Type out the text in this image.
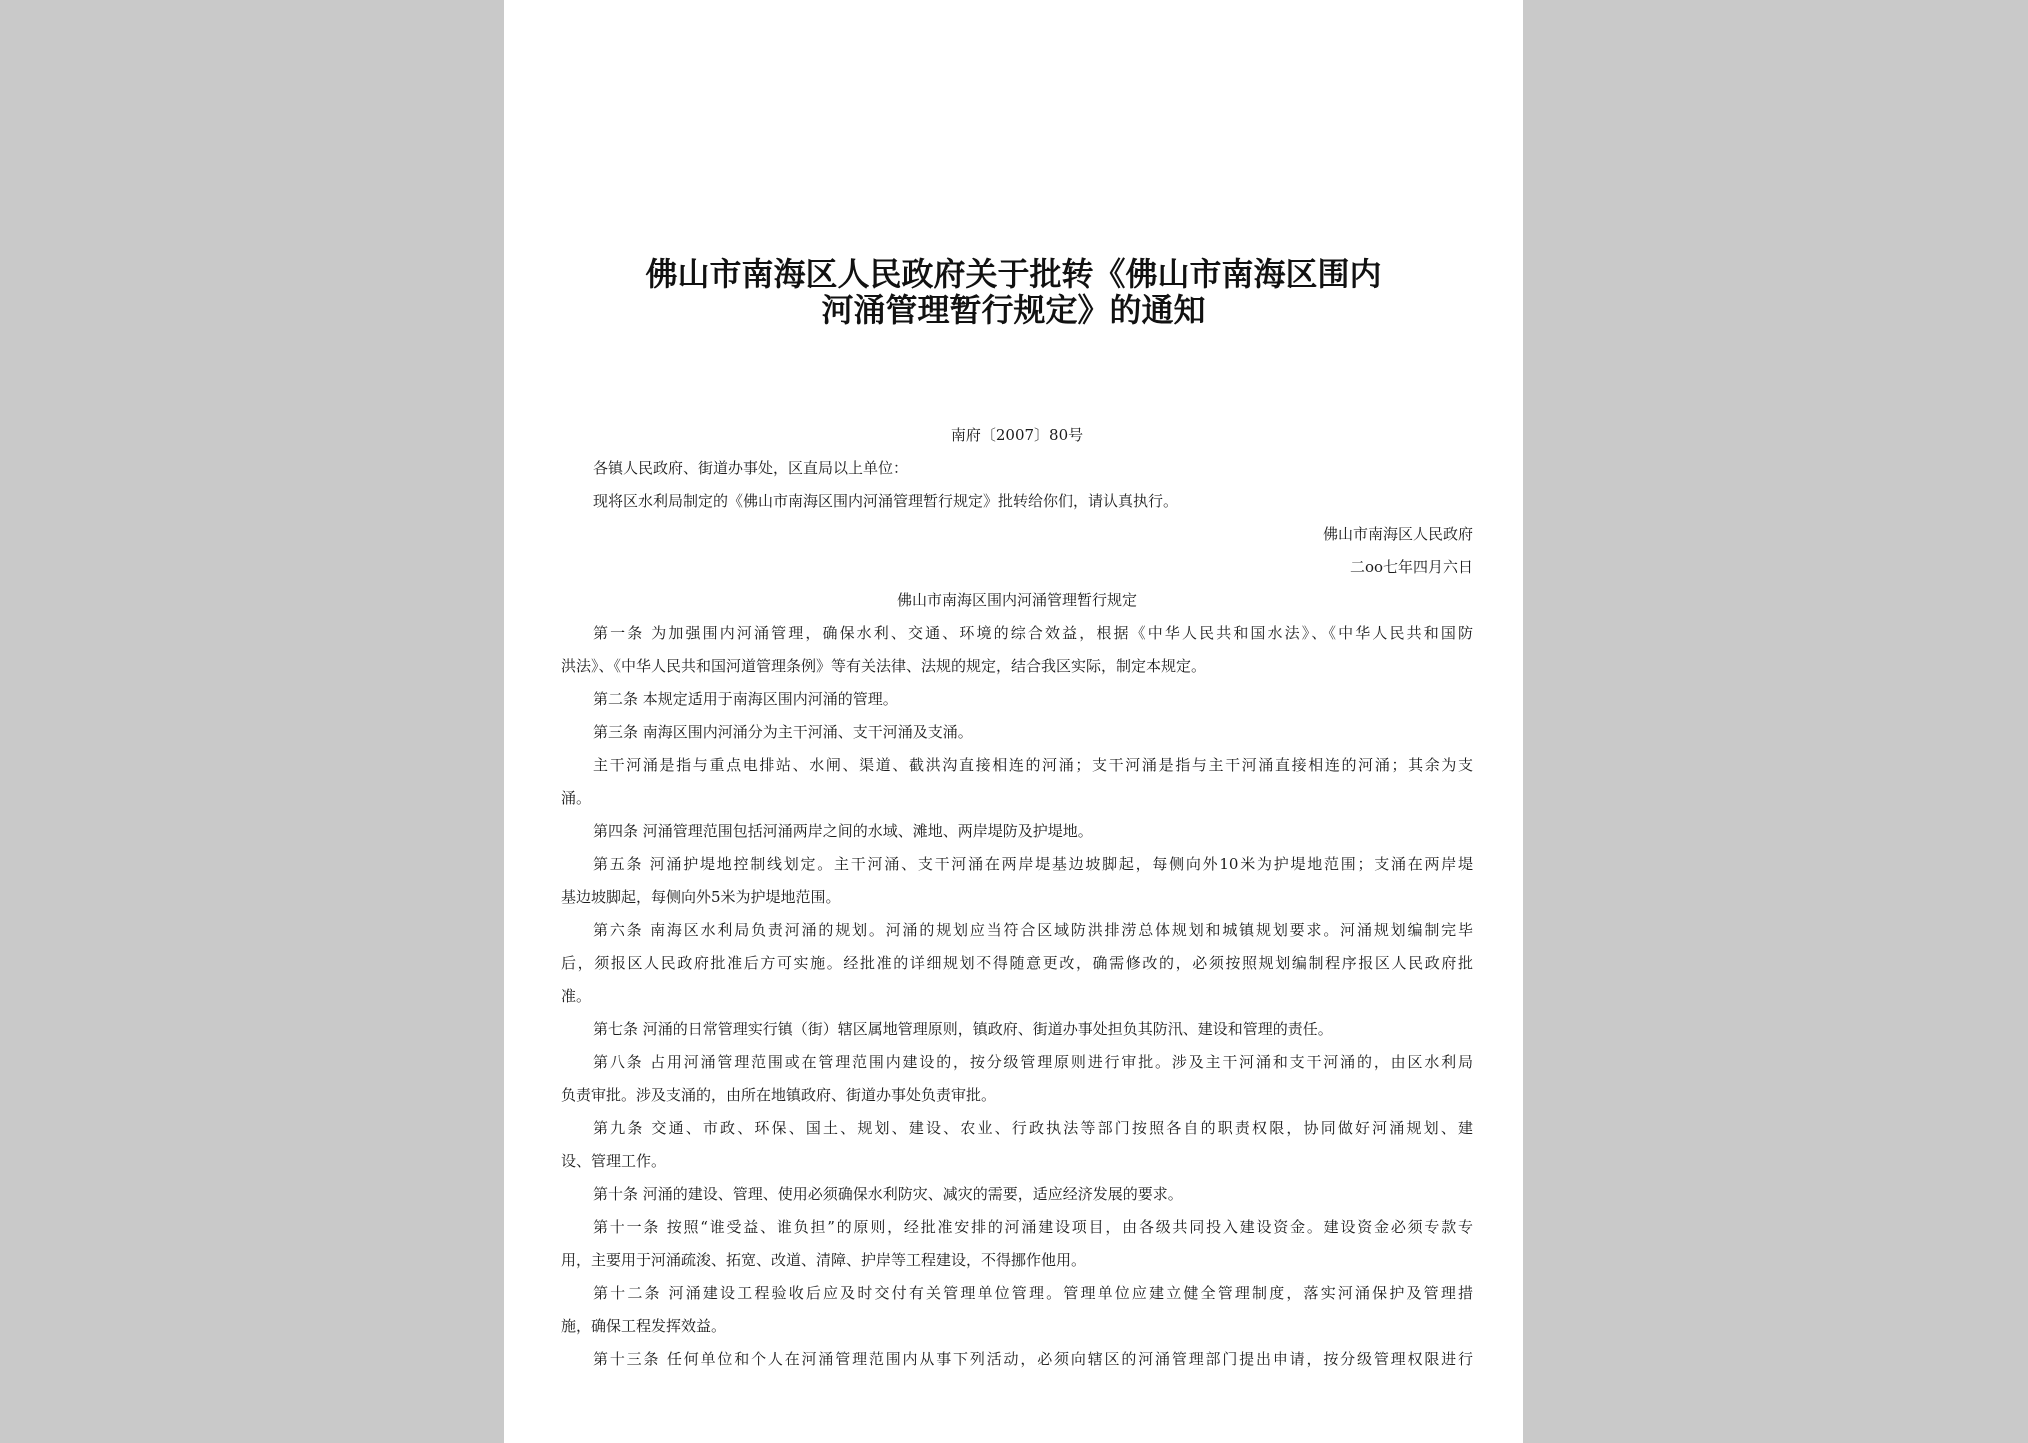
佛山市南海区人民政府关于批转《佛山市南海区围内
河涌管理暂行规定》的通知
南府〔2007〕80号
各镇人民政府、街道办事处，区直局以上单位：
现将区水利局制定的《佛山市南海区围内河涌管理暂行规定》批转给你们，请认真执行。
佛山市南海区人民政府
二oo七年四月六日
佛山市南海区围内河涌管理暂行规定
第一条 为加强围内河涌管理，确保水利、交通、环境的综合效益，根据《中华人民共和国水法》、《中华人民共和国防
洪法》、《中华人民共和国河道管理条例》等有关法律、法规的规定，结合我区实际，制定本规定。
第二条 本规定适用于南海区围内河涌的管理。
第三条 南海区围内河涌分为主干河涌、支干河涌及支涌。
主干河涌是指与重点电排站、水闸、渠道、截洪沟直接相连的河涌；支干河涌是指与主干河涌直接相连的河涌；其余为支
涌。
第四条 河涌管理范围包括河涌两岸之间的水域、滩地、两岸堤防及护堤地。
第五条 河涌护堤地控制线划定。主干河涌、支干河涌在两岸堤基边坡脚起，每侧向外10米为护堤地范围；支涌在两岸堤
基边坡脚起，每侧向外5米为护堤地范围。
第六条 南海区水利局负责河涌的规划。河涌的规划应当符合区域防洪排涝总体规划和城镇规划要求。河涌规划编制完毕
后，须报区人民政府批准后方可实施。经批准的详细规划不得随意更改，确需修改的，必须按照规划编制程序报区人民政府批
准。
第七条 河涌的日常管理实行镇（街）辖区属地管理原则，镇政府、街道办事处担负其防汛、建设和管理的责任。
第八条 占用河涌管理范围或在管理范围内建设的，按分级管理原则进行审批。涉及主干河涌和支干河涌的，由区水利局
负责审批。涉及支涌的，由所在地镇政府、街道办事处负责审批。
第九条 交通、市政、环保、国土、规划、建设、农业、行政执法等部门按照各自的职责权限，协同做好河涌规划、建
设、管理工作。
第十条 河涌的建设、管理、使用必须确保水利防灾、减灾的需要，适应经济发展的要求。
第十一条 按照“谁受益、谁负担”的原则，经批准安排的河涌建设项目，由各级共同投入建设资金。建设资金必须专款专
用，主要用于河涌疏浚、拓宽、改道、清障、护岸等工程建设，不得挪作他用。
第十二条 河涌建设工程验收后应及时交付有关管理单位管理。管理单位应建立健全管理制度，落实河涌保护及管理措
施，确保工程发挥效益。
第十三条 任何单位和个人在河涌管理范围内从事下列活动，必须向辖区的河涌管理部门提出申请，按分级管理权限进行
